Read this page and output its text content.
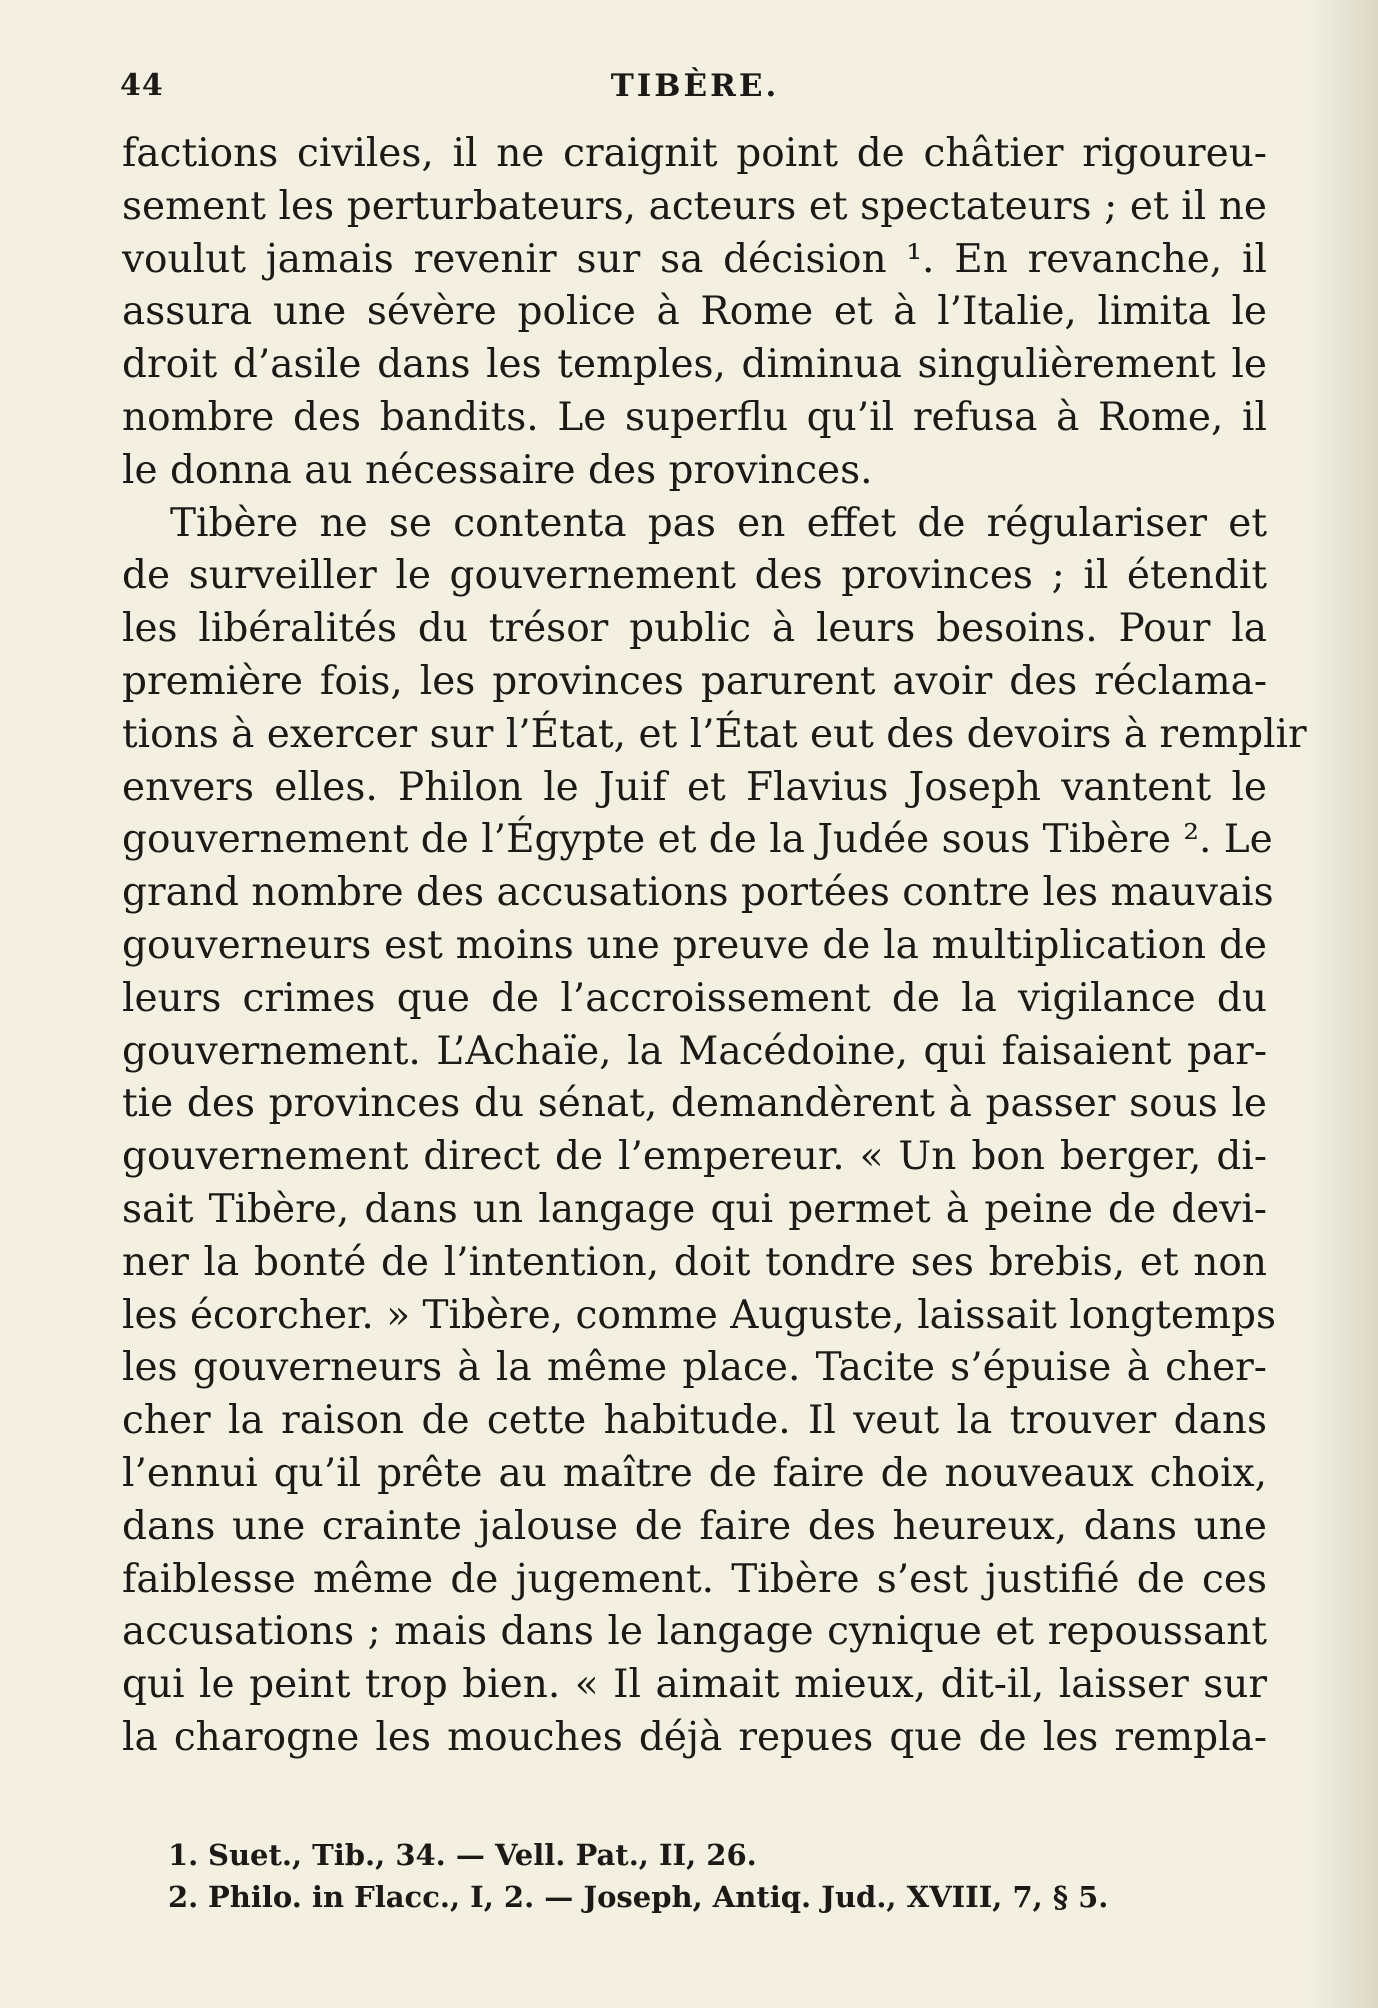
44	TIBÈRE.
factions civiles, il ne craignit point de châtier rigoureu-
sement les perturbateurs, acteurs et spectateurs ; et il ne
voulut jamais revenir sur sa décision ¹. En revanche, il
assura une sévère police à Rome et à l’Italie, limita le
droit d’asile dans les temples, diminua singulièrement le
nombre des bandits. Le superflu qu’il refusa à Rome, il
le donna au nécessaire des provinces.
Tibère ne se contenta pas en effet de régulariser et
de surveiller le gouvernement des provinces ; il étendit
les libéralités du trésor public à leurs besoins. Pour la
première fois, les provinces parurent avoir des réclama-
tions à exercer sur l’État, et l’État eut des devoirs à remplir
envers elles. Philon le Juif et Flavius Joseph vantent le
gouvernement de l’Égypte et de la Judée sous Tibère ². Le
grand nombre des accusations portées contre les mauvais
gouverneurs est moins une preuve de la multiplication de
leurs crimes que de l’accroissement de la vigilance du
gouvernement. L’Achaïe, la Macédoine, qui faisaient par-
tie des provinces du sénat, demandèrent à passer sous le
gouvernement direct de l’empereur. « Un bon berger, di-
sait Tibère, dans un langage qui permet à peine de devi-
ner la bonté de l’intention, doit tondre ses brebis, et non
les écorcher. » Tibère, comme Auguste, laissait longtemps
les gouverneurs à la même place. Tacite s’épuise à cher-
cher la raison de cette habitude. Il veut la trouver dans
l’ennui qu’il prête au maître de faire de nouveaux choix,
dans une crainte jalouse de faire des heureux, dans une
faiblesse même de jugement. Tibère s’est justifié de ces
accusations ; mais dans le langage cynique et repoussant
qui le peint trop bien. « Il aimait mieux, dit-il, laisser sur
la charogne les mouches déjà repues que de les rempla-
1. Suet., Tib., 34. — Vell. Pat., II, 26.
2. Philo. in Flacc., I, 2. — Joseph, Antiq. Jud., XVIII, 7, § 5.
